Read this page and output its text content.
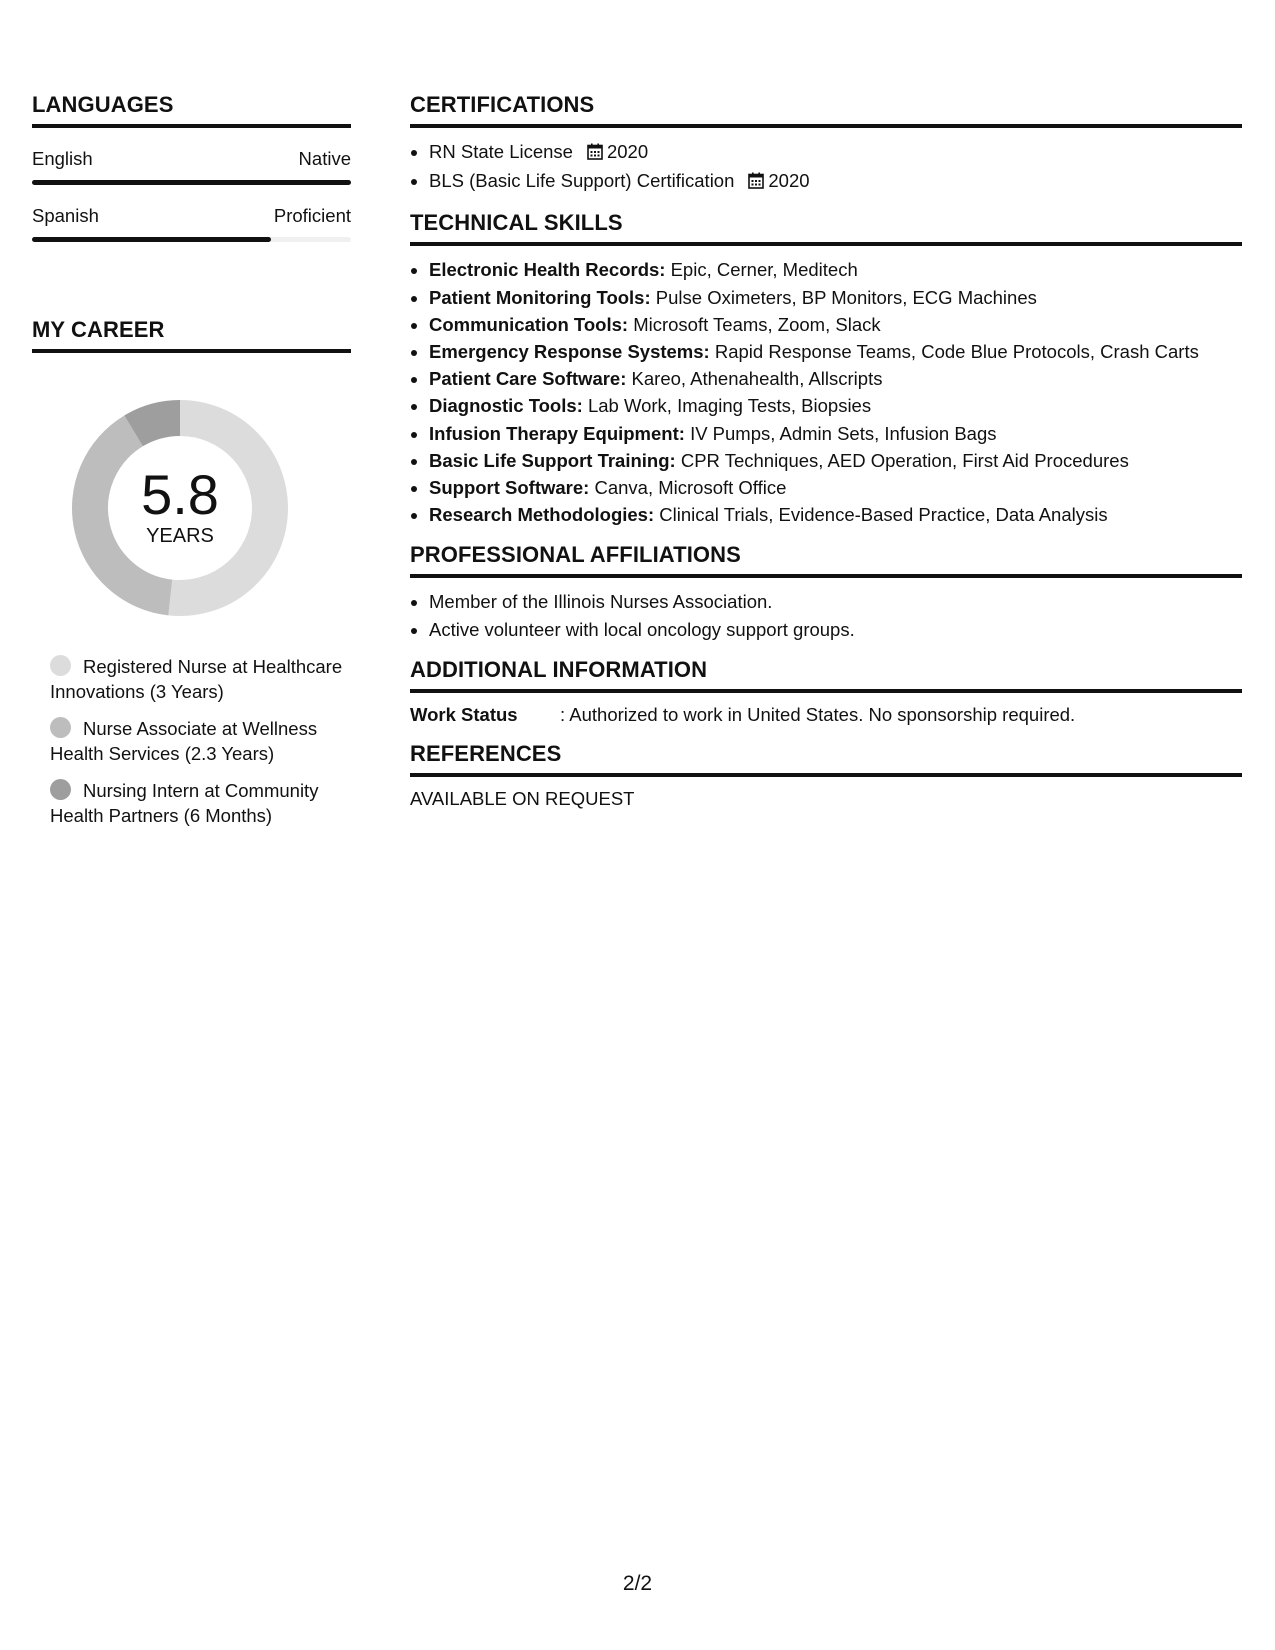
LANGUAGES
English	Native
Spanish	Proficient
MY CAREER
5.8
YEARS
Registered Nurse at Healthcare Innovations (3 Years)
Nurse Associate at Wellness Health Services (2.3 Years)
Nursing Intern at Community Health Partners (6 Months)
CERTIFICATIONS
• RN State License 2020
• BLS (Basic Life Support) Certification 2020
TECHNICAL SKILLS
• Electronic Health Records: Epic, Cerner, Meditech
• Patient Monitoring Tools: Pulse Oximeters, BP Monitors, ECG Machines
• Communication Tools: Microsoft Teams, Zoom, Slack
• Emergency Response Systems: Rapid Response Teams, Code Blue Protocols, Crash Carts
• Patient Care Software: Kareo, Athenahealth, Allscripts
• Diagnostic Tools: Lab Work, Imaging Tests, Biopsies
• Infusion Therapy Equipment: IV Pumps, Admin Sets, Infusion Bags
• Basic Life Support Training: CPR Techniques, AED Operation, First Aid Procedures
• Support Software: Canva, Microsoft Office
• Research Methodologies: Clinical Trials, Evidence-Based Practice, Data Analysis
PROFESSIONAL AFFILIATIONS
• Member of the Illinois Nurses Association.
• Active volunteer with local oncology support groups.
ADDITIONAL INFORMATION
Work Status	: Authorized to work in United States. No sponsorship required.
REFERENCES
AVAILABLE ON REQUEST
2/2
